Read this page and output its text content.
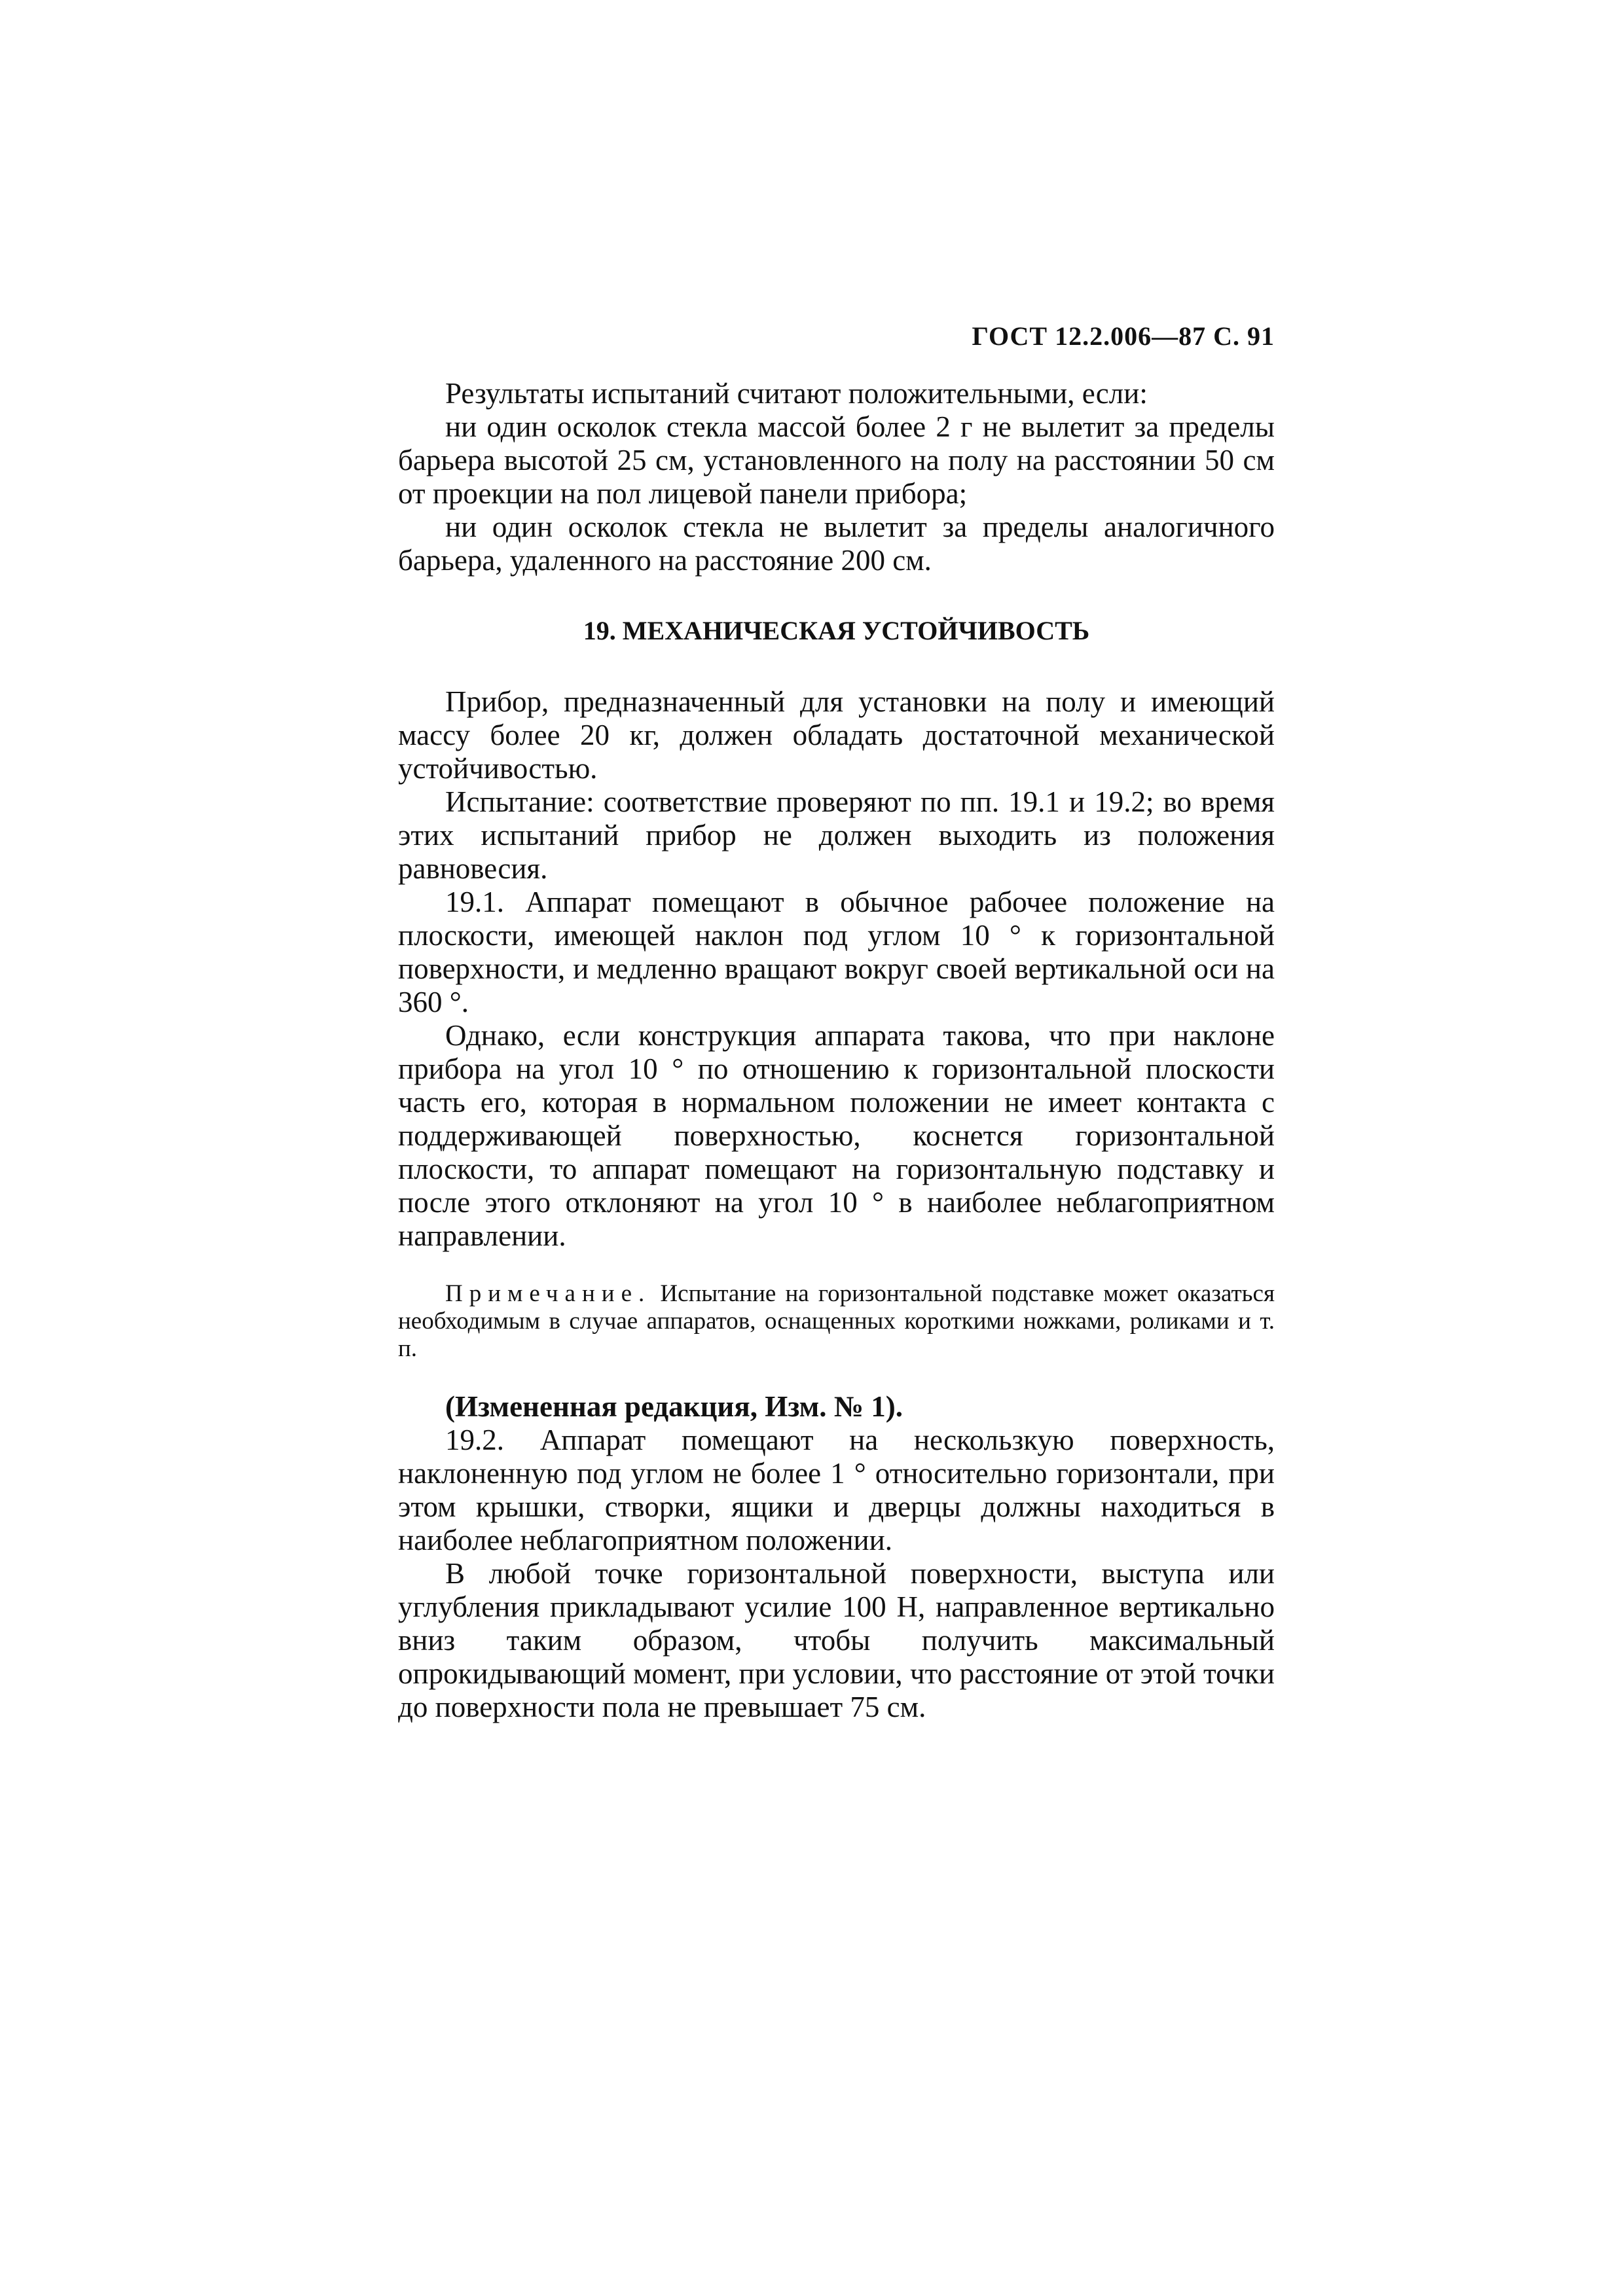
ГОСТ 12.2.006—87 С. 91

Результаты испытаний считают положительными, если:

ни один осколок стекла массой более 2 г не вылетит за пределы барьера высотой 25 см, установленного на полу на расстоянии 50 см от проекции на пол лицевой панели прибора;

ни один осколок стекла не вылетит за пределы аналогичного барьера, удаленного на расстояние 200 см.

19. МЕХАНИЧЕСКАЯ УСТОЙЧИВОСТЬ

Прибор, предназначенный для установки на полу и имеющий массу более 20 кг, должен обладать достаточной механической устойчивостью.

Испытание: соответствие проверяют по пп. 19.1 и 19.2; во время этих испытаний прибор не должен выходить из положения равновесия.

19.1. Аппарат помещают в обычное рабочее положение на плоскости, имеющей наклон под углом 10 ° к горизонтальной поверхности, и медленно вращают вокруг своей вертикальной оси на 360 °.

Однако, если конструкция аппарата такова, что при наклоне прибора на угол 10 ° по отношению к горизонтальной плоскости часть его, которая в нормальном положении не имеет контакта с поддерживающей поверхностью, коснется горизонтальной плоскости, то аппарат помещают на горизонтальную подставку и после этого отклоняют на угол 10 ° в наиболее неблагоприятном направлении.

Примечание. Испытание на горизонтальной подставке может оказаться необходимым в случае аппаратов, оснащенных короткими ножками, роликами и т. п.

(Измененная редакция, Изм. № 1).

19.2. Аппарат помещают на нескользкую поверхность, наклоненную под углом не более 1 ° относительно горизонтали, при этом крышки, створки, ящики и дверцы должны находиться в наиболее неблагоприятном положении.

В любой точке горизонтальной поверхности, выступа или углубления прикладывают усилие 100 Н, направленное вертикально вниз таким образом, чтобы получить максимальный опрокидывающий момент, при условии, что расстояние от этой точки до поверхности пола не превышает 75 см.
